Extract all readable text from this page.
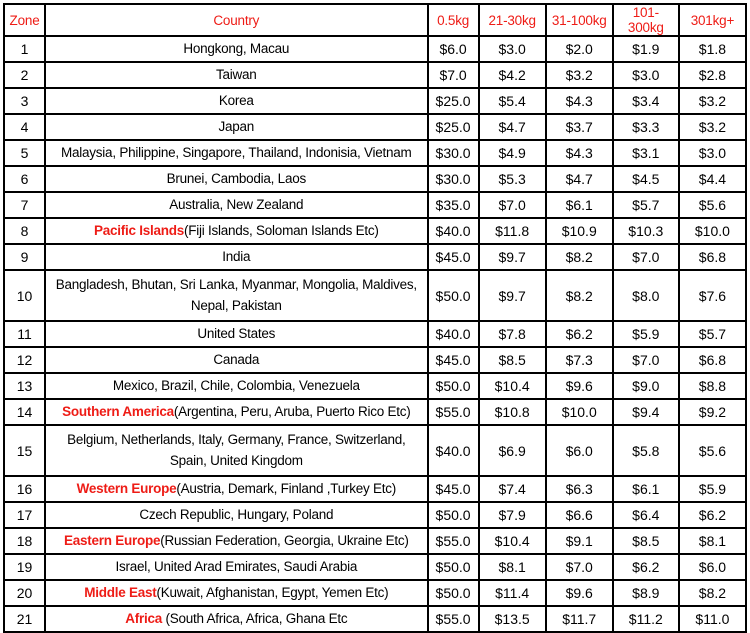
Zone	Country	0.5kg	21-30kg	31-100kg	101-300kg	301kg+
1	Hongkong, Macau	$6.0	$3.0	$2.0	$1.9	$1.8
2	Taiwan	$7.0	$4.2	$3.2	$3.0	$2.8
3	Korea	$25.0	$5.4	$4.3	$3.4	$3.2
4	Japan	$25.0	$4.7	$3.7	$3.3	$3.2
5	Malaysia, Philippine, Singapore, Thailand, Indonisia, Vietnam	$30.0	$4.9	$4.3	$3.1	$3.0
6	Brunei, Cambodia, Laos	$30.0	$5.3	$4.7	$4.5	$4.4
7	Australia, New Zealand	$35.0	$7.0	$6.1	$5.7	$5.6
8	Pacific Islands(Fiji Islands, Soloman Islands Etc)	$40.0	$11.8	$10.9	$10.3	$10.0
9	India	$45.0	$9.7	$8.2	$7.0	$6.8
10	Bangladesh, Bhutan, Sri Lanka, Myanmar, Mongolia, Maldives, Nepal, Pakistan	$50.0	$9.7	$8.2	$8.0	$7.6
11	United States	$40.0	$7.8	$6.2	$5.9	$5.7
12	Canada	$45.0	$8.5	$7.3	$7.0	$6.8
13	Mexico, Brazil, Chile, Colombia, Venezuela	$50.0	$10.4	$9.6	$9.0	$8.8
14	Southern America(Argentina, Peru, Aruba, Puerto Rico Etc)	$55.0	$10.8	$10.0	$9.4	$9.2
15	Belgium, Netherlands, Italy, Germany, France, Switzerland, Spain, United Kingdom	$40.0	$6.9	$6.0	$5.8	$5.6
16	Western Europe(Austria, Demark, Finland ,Turkey Etc)	$45.0	$7.4	$6.3	$6.1	$5.9
17	Czech Republic, Hungary, Poland	$50.0	$7.9	$6.6	$6.4	$6.2
18	Eastern Europe(Russian Federation, Georgia, Ukraine Etc)	$55.0	$10.4	$9.1	$8.5	$8.1
19	Israel, United Arad Emirates, Saudi Arabia	$50.0	$8.1	$7.0	$6.2	$6.0
20	Middle East(Kuwait, Afghanistan, Egypt, Yemen Etc)	$50.0	$11.4	$9.6	$8.9	$8.2
21	Africa (South Africa, Africa, Ghana Etc	$55.0	$13.5	$11.7	$11.2	$11.0
